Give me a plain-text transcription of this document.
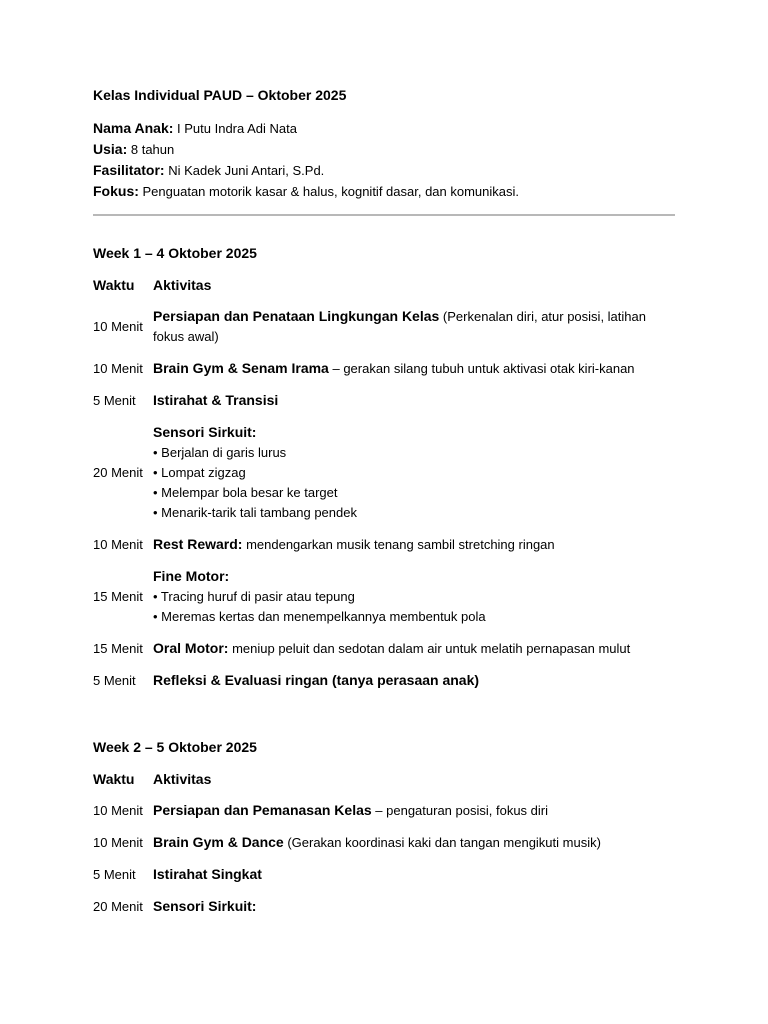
Kelas Individual PAUD – Oktober 2025
Nama Anak: I Putu Indra Adi Nata
Usia: 8 tahun
Fasilitator: Ni Kadek Juni Antari, S.Pd.
Fokus: Penguatan motorik kasar & halus, kognitif dasar, dan komunikasi.
Week 1 – 4 Oktober 2025
Waktu	Aktivitas
10 Menit	Persiapan dan Penataan Lingkungan Kelas (Perkenalan diri, atur posisi, latihan fokus awal)
10 Menit	Brain Gym & Senam Irama – gerakan silang tubuh untuk aktivasi otak kiri-kanan
5 Menit	Istirahat & Transisi
20 Menit	Sensori Sirkuit:
• Berjalan di garis lurus
• Lompat zigzag
• Melempar bola besar ke target
• Menarik-tarik tali tambang pendek

10 Menit	Rest Reward: mendengarkan musik tenang sambil stretching ringan
15 Menit	Fine Motor:
• Tracing huruf di pasir atau tepung
• Meremas kertas dan menempelkannya membentuk pola

15 Menit	Oral Motor: meniup peluit dan sedotan dalam air untuk melatih pernapasan mulut
5 Menit	Refleksi & Evaluasi ringan (tanya perasaan anak)
Week 2 – 5 Oktober 2025
Waktu	Aktivitas
10 Menit	Persiapan dan Pemanasan Kelas – pengaturan posisi, fokus diri
10 Menit	Brain Gym & Dance (Gerakan koordinasi kaki dan tangan mengikuti musik)
5 Menit	Istirahat Singkat
20 Menit	Sensori Sirkuit:
